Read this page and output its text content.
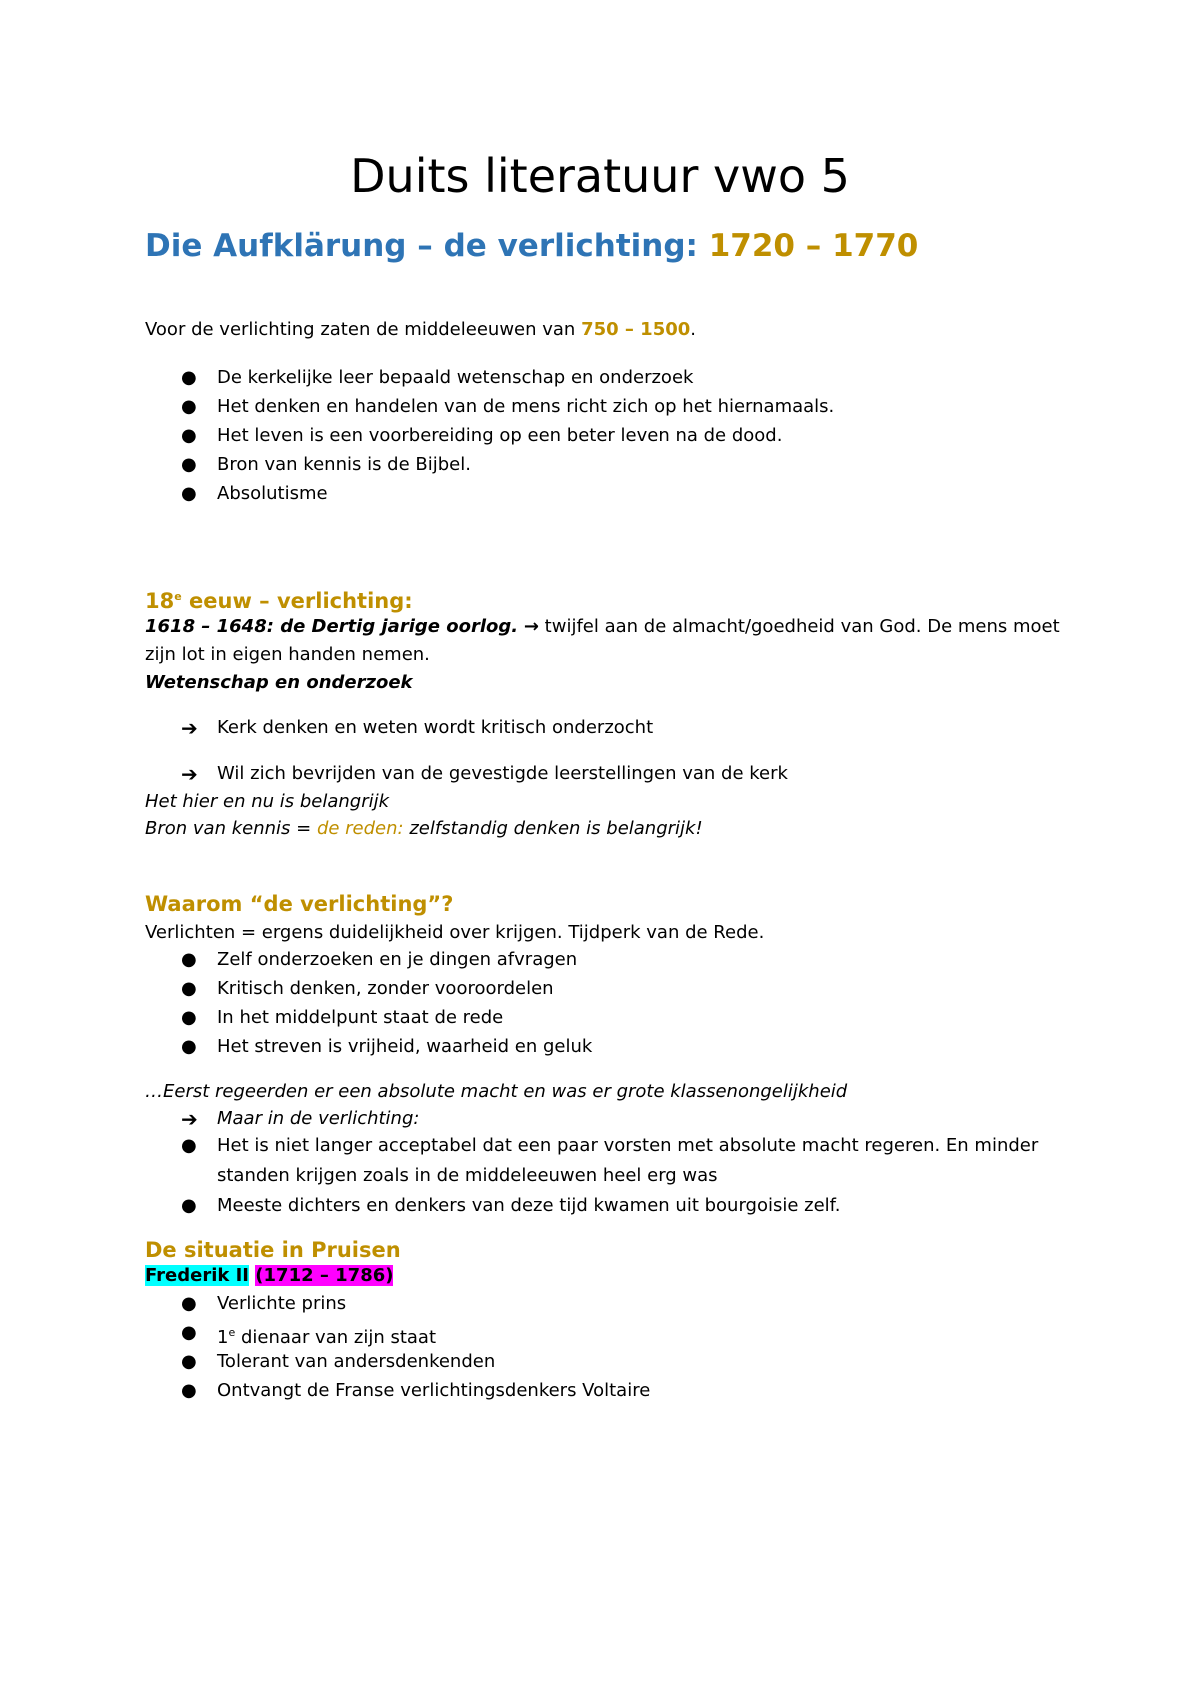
Duits literatuur vwo 5
Die Aufklärung – de verlichting: 1720 – 1770
Voor de verlichting zaten de middeleeuwen van 750 – 1500.
● De kerkelijke leer bepaald wetenschap en onderzoek
● Het denken en handelen van de mens richt zich op het hiernamaals.
● Het leven is een voorbereiding op een beter leven na de dood.
● Bron van kennis is de Bijbel.
● Absolutisme
18e eeuw – verlichting:
1618 – 1648: de Dertig jarige oorlog. → twijfel aan de almacht/goedheid van God. De mens moet
zijn lot in eigen handen nemen.
Wetenschap en onderzoek
➔ Kerk denken en weten wordt kritisch onderzocht
➔ Wil zich bevrijden van de gevestigde leerstellingen van de kerk
Het hier en nu is belangrijk
Bron van kennis = de reden: zelfstandig denken is belangrijk!
Waarom “de verlichting”?
Verlichten = ergens duidelijkheid over krijgen. Tijdperk van de Rede.
● Zelf onderzoeken en je dingen afvragen
● Kritisch denken, zonder vooroordelen
● In het middelpunt staat de rede
● Het streven is vrijheid, waarheid en geluk
…Eerst regeerden er een absolute macht en was er grote klassenongelijkheid
➔ Maar in de verlichting:
● Het is niet langer acceptabel dat een paar vorsten met absolute macht regeren. En minder
standen krijgen zoals in de middeleeuwen heel erg was
● Meeste dichters en denkers van deze tijd kwamen uit bourgoisie zelf.
De situatie in Pruisen
Frederik II (1712 – 1786)
● Verlichte prins
● 1e dienaar van zijn staat
● Tolerant van andersdenkenden
● Ontvangt de Franse verlichtingsdenkers Voltaire
